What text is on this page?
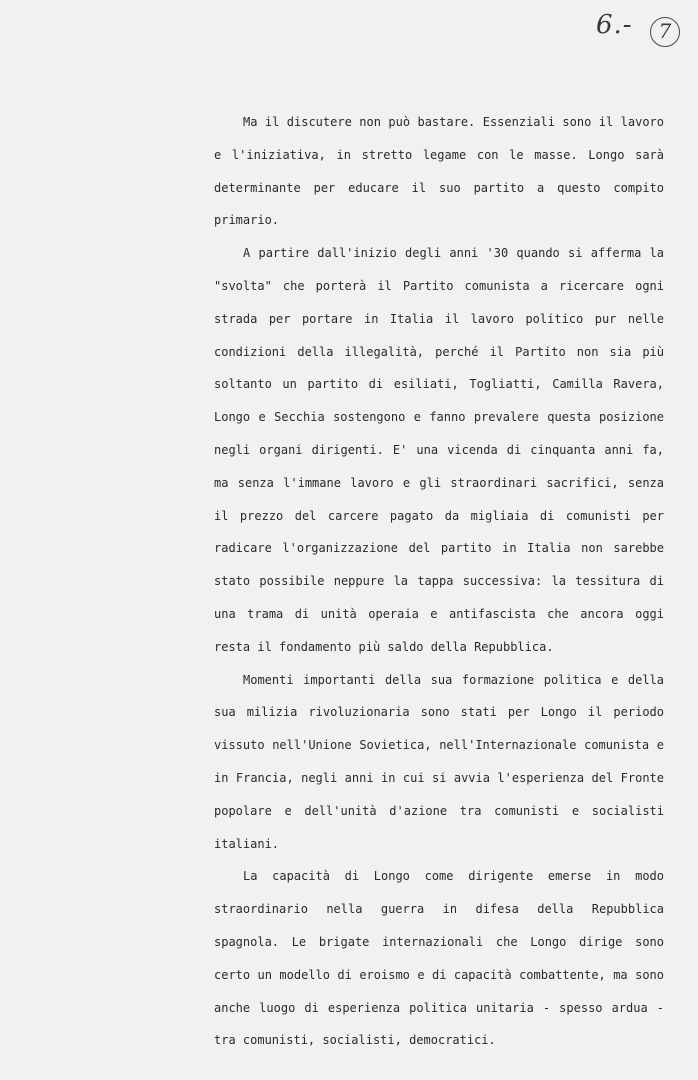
6.-	7

Ma il discutere non può bastare. Essenziali sono il lavoro e l'iniziativa, in stretto legame con le masse. Longo sarà determinante per educare il suo partito a questo compito primario.

A partire dall'inizio degli anni '30 quando si afferma la "svolta" che porterà il Partito comunista a ricercare ogni strada per portare in Italia il lavoro politico pur nelle condizioni della illegalità, perché il Partito non sia più soltanto un partito di esiliati, Togliatti, Camilla Ravera, Longo e Secchia sostengono e fanno prevalere questa posizione negli organi dirigenti. E' una vicenda di cinquanta anni fa, ma senza l'immane lavoro e gli straordinari sacrifici, senza il prezzo del carcere pagato da migliaia di comunisti per radicare l'organizzazione del partito in Italia non sarebbe stato possibile neppure la tappa successiva: la tessitura di una trama di unità operaia e antifascista che ancora oggi resta il fondamento più saldo della Repubblica.

Momenti importanti della sua formazione politica e della sua milizia rivoluzionaria sono stati per Longo il periodo vissuto nell'Unione Sovietica, nell'Internazionale comunista e in Francia, negli anni in cui si avvia l'esperienza del Fronte popolare e dell'unità d'azione tra comunisti e socialisti italiani.

La capacità di Longo come dirigente emerse in modo straordinario nella guerra in difesa della Repubblica spagnola. Le brigate internazionali che Longo dirige sono certo un modello di eroismo e di capacità combattente, ma sono anche luogo di esperienza politica unitaria - spesso ardua - tra comunisti, socialisti, democratici.
